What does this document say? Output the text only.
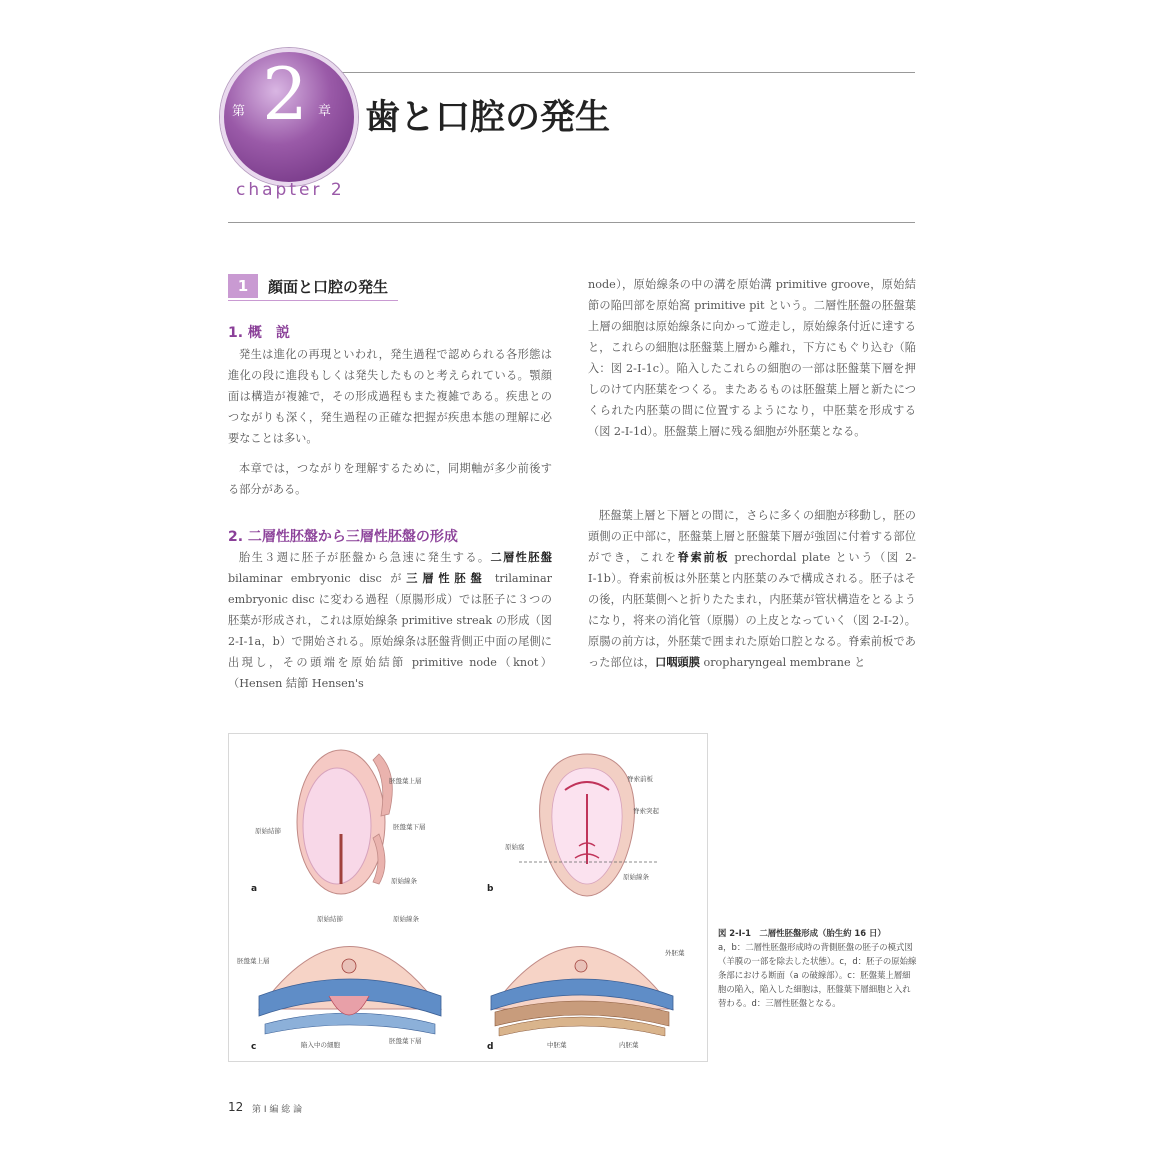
第 2 章 歯と口腔の発生
chapter 2
1	顔面と口腔の発生
1. 概　説
発生は進化の再現といわれ，発生過程で認められる各形態は進化の段に進段もしくは発失したものと考えられている。顎顔面は構造が複雑で，その形成過程もまた複雑である。疾患とのつながりも深く，発生過程の正確な把握が疾患本態の理解に必要なことは多い。
本章では，つながりを理解するために，同期軸が多少前後する部分がある。
2. 二層性胚盤から三層性胚盤の形成
胎生３週に胚子が胚盤から急速に発生する。二層性胚盤 bilaminar embryonic disc が三層性胚盤 trilaminar embryonic disc に変わる過程（原腸形成）では胚子に３つの胚葉が形成され，これは原始線条 primitive streak の形成（図 2-Ⅰ-1a，b）で開始される。原始線条は胚盤背側正中面の尾側に出現し，その頭端を原始結節 primitive node（knot）（Hensen 結節 Hensen's
node），原始線条の中の溝を原始溝 primitive groove，原始結節の陥凹部を原始窩 primitive pit という。二層性胚盤の胚盤葉上層の細胞は原始線条に向かって遊走し，原始線条付近に達すると，これらの細胞は胚盤葉上層から離れ，下方にもぐり込む（陥入：図 2-Ⅰ-1c）。陥入したこれらの細胞の一部は胚盤葉下層を押しのけて内胚葉をつくる。またあるものは胚盤葉上層と新たにつくられた内胚葉の間に位置するようになり，中胚葉を形成する（図 2-Ⅰ-1d）。胚盤葉上層に残る細胞が外胚葉となる。
胚盤葉上層と下層との間に，さらに多くの細胞が移動し，胚の頭側の正中部に，胚盤葉上層と胚盤葉下層が強固に付着する部位ができ，これを脊索前板 prechordal plate という（図 2-Ⅰ-1b）。脊索前板は外胚葉と内胚葉のみで構成される。胚子はその後，内胚葉側へと折りたたまれ，内胚葉が管状構造をとるようになり，将来の消化管（原腸）の上皮となっていく（図 2-Ⅰ-2）。原腸の前方は，外胚葉で囲まれた原始口腔となる。脊索前板であった部位は，口咽頭膜 oropharyngeal membrane と
胚盤葉上層
原始結節	胚盤葉下層
原始線条
脊索前板
脊索突起
原始窩
原始線条
原始結節	原始線条
胚盤葉上層
陥入中の細胞	胚盤葉下層
外胚葉
中胚葉	内胚葉
a	b
c	d
図 2-Ⅰ-1　二層性胚盤形成（胎生約 16 日）
a，b：二層性胚盤形成時の背側胚盤の胚子の模式図（羊膜の一部を除去した状態）。c，d：胚子の原始線条部における断面（a の破線部）。c：胚盤葉上層細胞の陥入，陥入した細胞は，胚盤葉下層細胞と入れ替わる。d：三層性胚盤となる。
12 第 I 編 総 論
